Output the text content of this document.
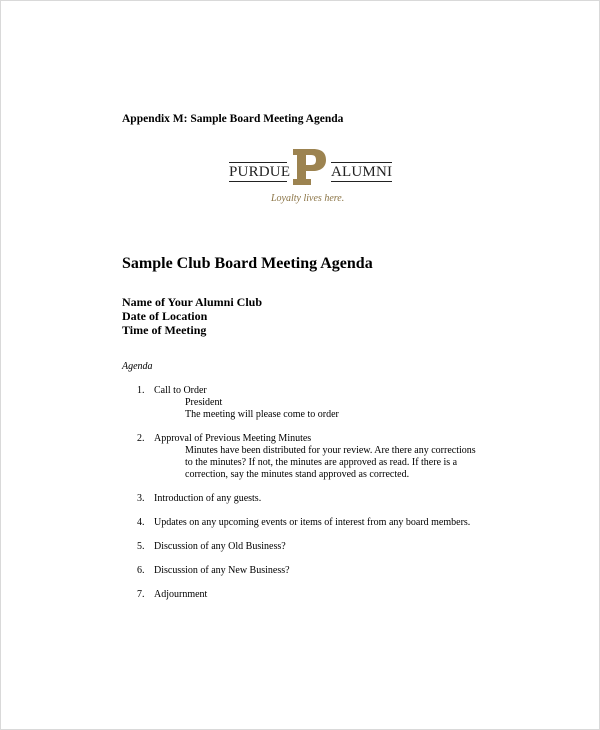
Appendix M: Sample Board Meeting Agenda
PURDUE	ALUMNI
Loyalty lives here.
Sample Club Board Meeting Agenda
Name of Your Alumni Club
Date of Location
Time of Meeting
Agenda
1. Call to Order
President
The meeting will please come to order
2. Approval of Previous Meeting Minutes
Minutes have been distributed for your review. Are there any corrections
to the minutes? If not, the minutes are approved as read. If there is a
correction, say the minutes stand approved as corrected.
3. Introduction of any guests.
4. Updates on any upcoming events or items of interest from any board members.
5. Discussion of any Old Business?
6. Discussion of any New Business?
7. Adjournment
